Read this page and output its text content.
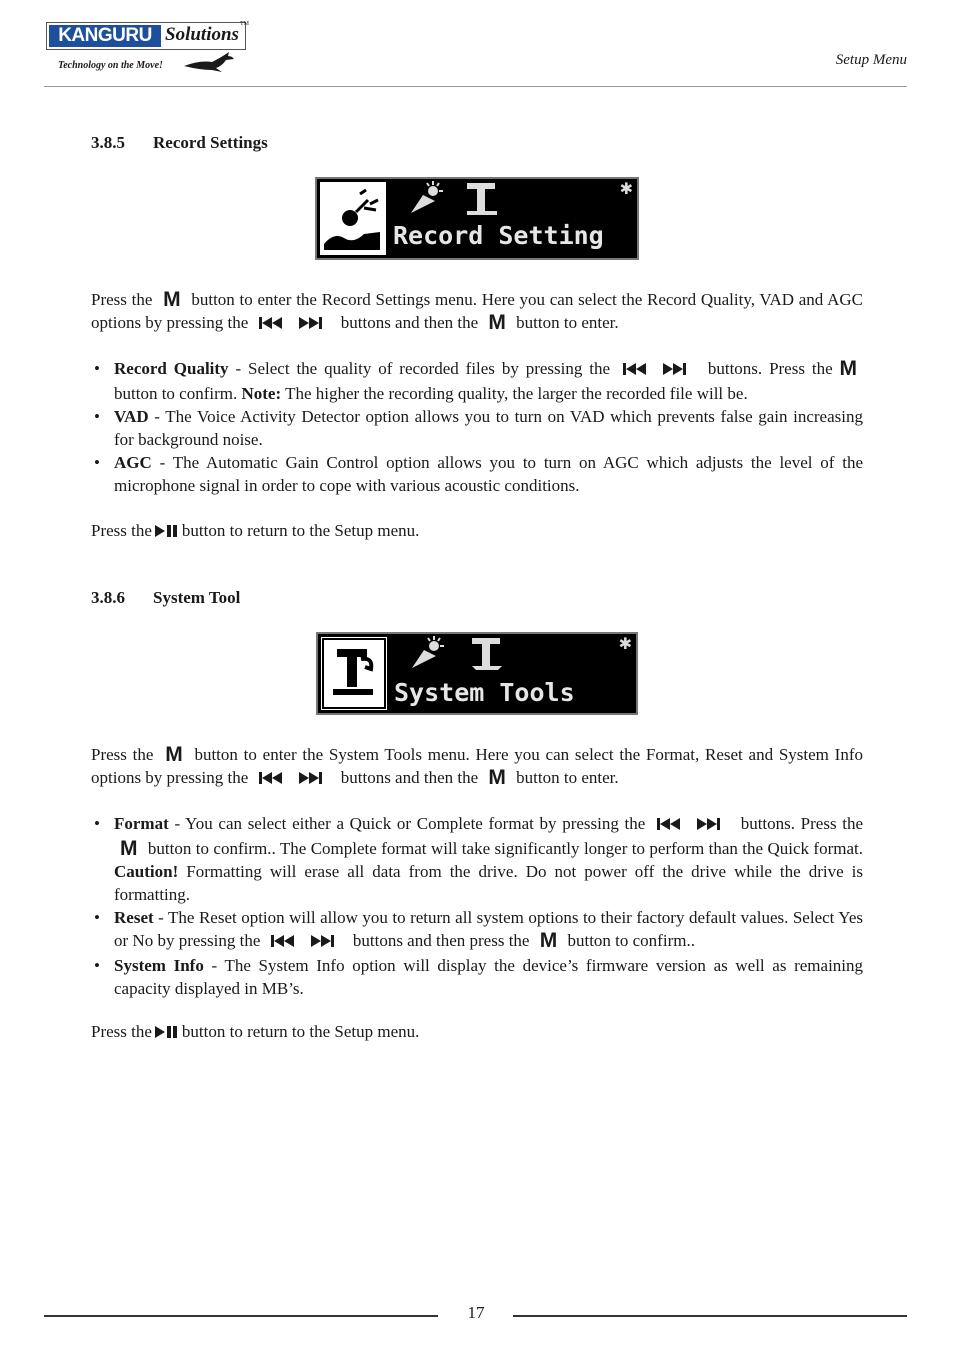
KANGURU Solutions TM
Technology on the Move!	Setup Menu
3.8.5 Record Settings
✱
Record Setting
Press the M button to enter the Record Settings menu. Here you can select the Record Quality, VAD and AGC options by pressing the	buttons and then the M button to enter.
• Record Quality - Select the quality of recorded files by pressing the	buttons. Press the M button to confirm. Note: The higher the recording quality, the larger the recorded file will be.
• VAD - The Voice Activity Detector option allows you to turn on VAD which prevents false gain increasing for background noise.
• AGC - The Automatic Gain Control option allows you to turn on AGC which adjusts the level of the microphone signal in order to cope with various acoustic conditions.
Press the button to return to the Setup menu.
3.8.6 System Tool
✱
System Tools
Press the M button to enter the System Tools menu. Here you can select the Format, Reset and System Info options by pressing the	buttons and then the M button to enter.
• Format - You can select either a Quick or Complete format by pressing the	buttons. Press the M button to confirm.. The Complete format will take significantly longer to perform than the Quick format. Caution! Formatting will erase all data from the drive. Do not power off the drive while the drive is formatting.
• Reset - The Reset option will allow you to return all system options to their factory default values. Select Yes or No by pressing the	buttons and then press the M button to confirm..
• System Info - The System Info option will display the device’s firmware version as well as remaining capacity displayed in MB’s.
Press the button to return to the Setup menu.
17
